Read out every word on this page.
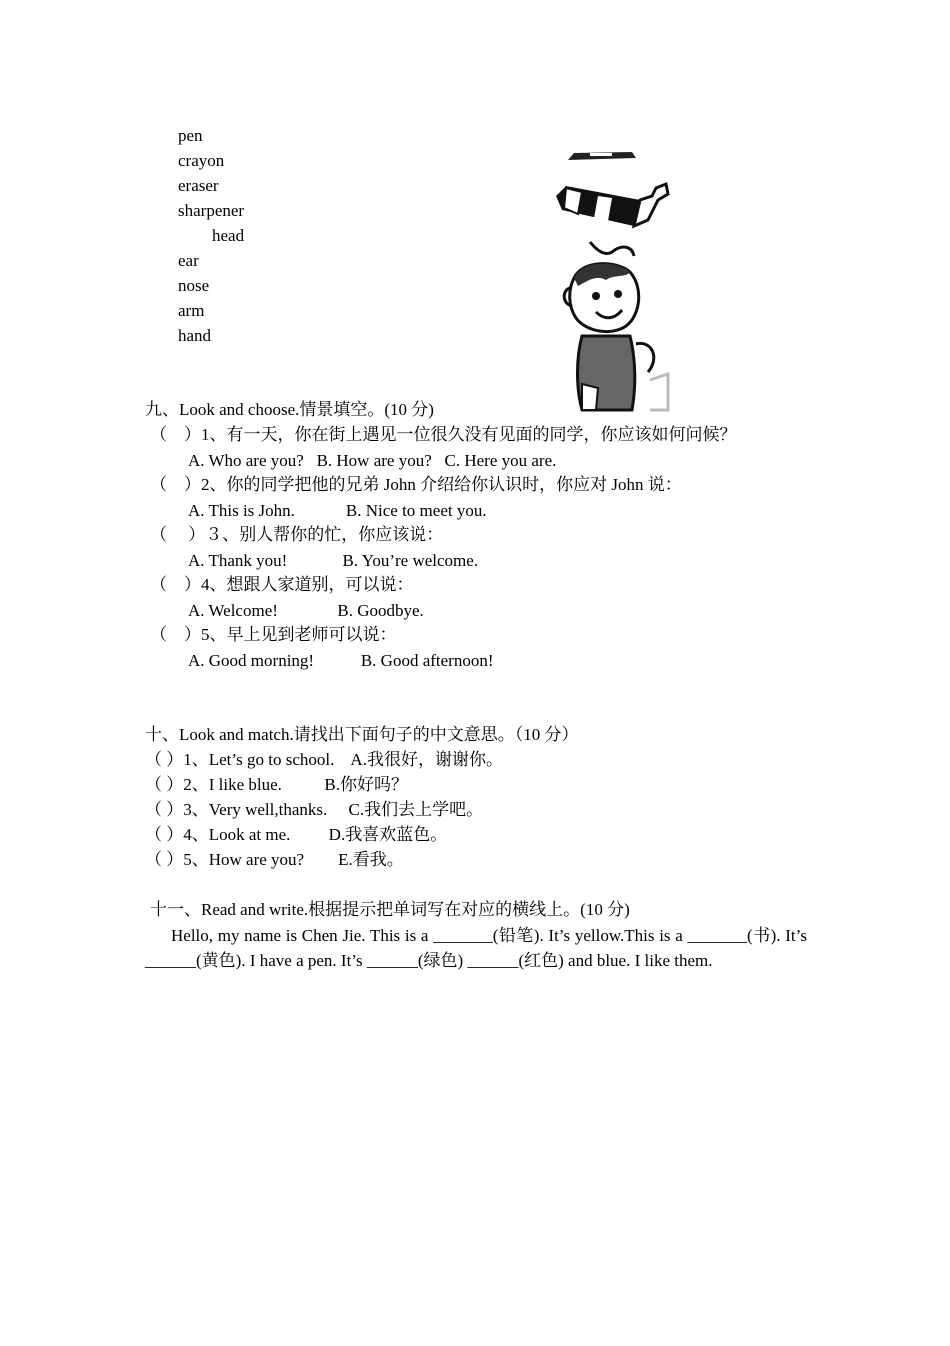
pen
crayon
eraser
sharpener
head
ear
nose
arm
hand
九、Look and choose.情景填空。(10 分)
（　）1、有一天，你在街上遇见一位很久没有见面的同学，你应该如何问候？
A. Who are you?   B. How are you?   C. Here you are.
（　）2、你的同学把他的兄弟 John 介绍给你认识时，你应对 John 说：
A. This is John.            B. Nice to meet you.
（　 ）３、别人帮你的忙，你应该说：
A. Thank you!             B. You’re welcome.
（　）4、想跟人家道别，可以说：
A. Welcome!              B. Goodbye.
（　）5、早上见到老师可以说：
A. Good morning!           B. Good afternoon!
十、Look and match.请找出下面句子的中文意思。（10 分）
（ ）1、Let’s go to school.    A.我很好，谢谢你。
（ ）2、I like blue.          B.你好吗？
（ ）3、Very well,thanks.     C.我们去上学吧。
（ ）4、Look at me.         D.我喜欢蓝色。
（ ）5、How are you?        E.看我。
十一、Read and write.根据提示把单词写在对应的横线上。(10 分)
Hello, my name is Chen Jie. This is a _______(铅笔). It’s yellow.This is a _______(书). It’s ______(黄色). I have a pen. It’s ______(绿色) ______(红色) and blue. I like them.
